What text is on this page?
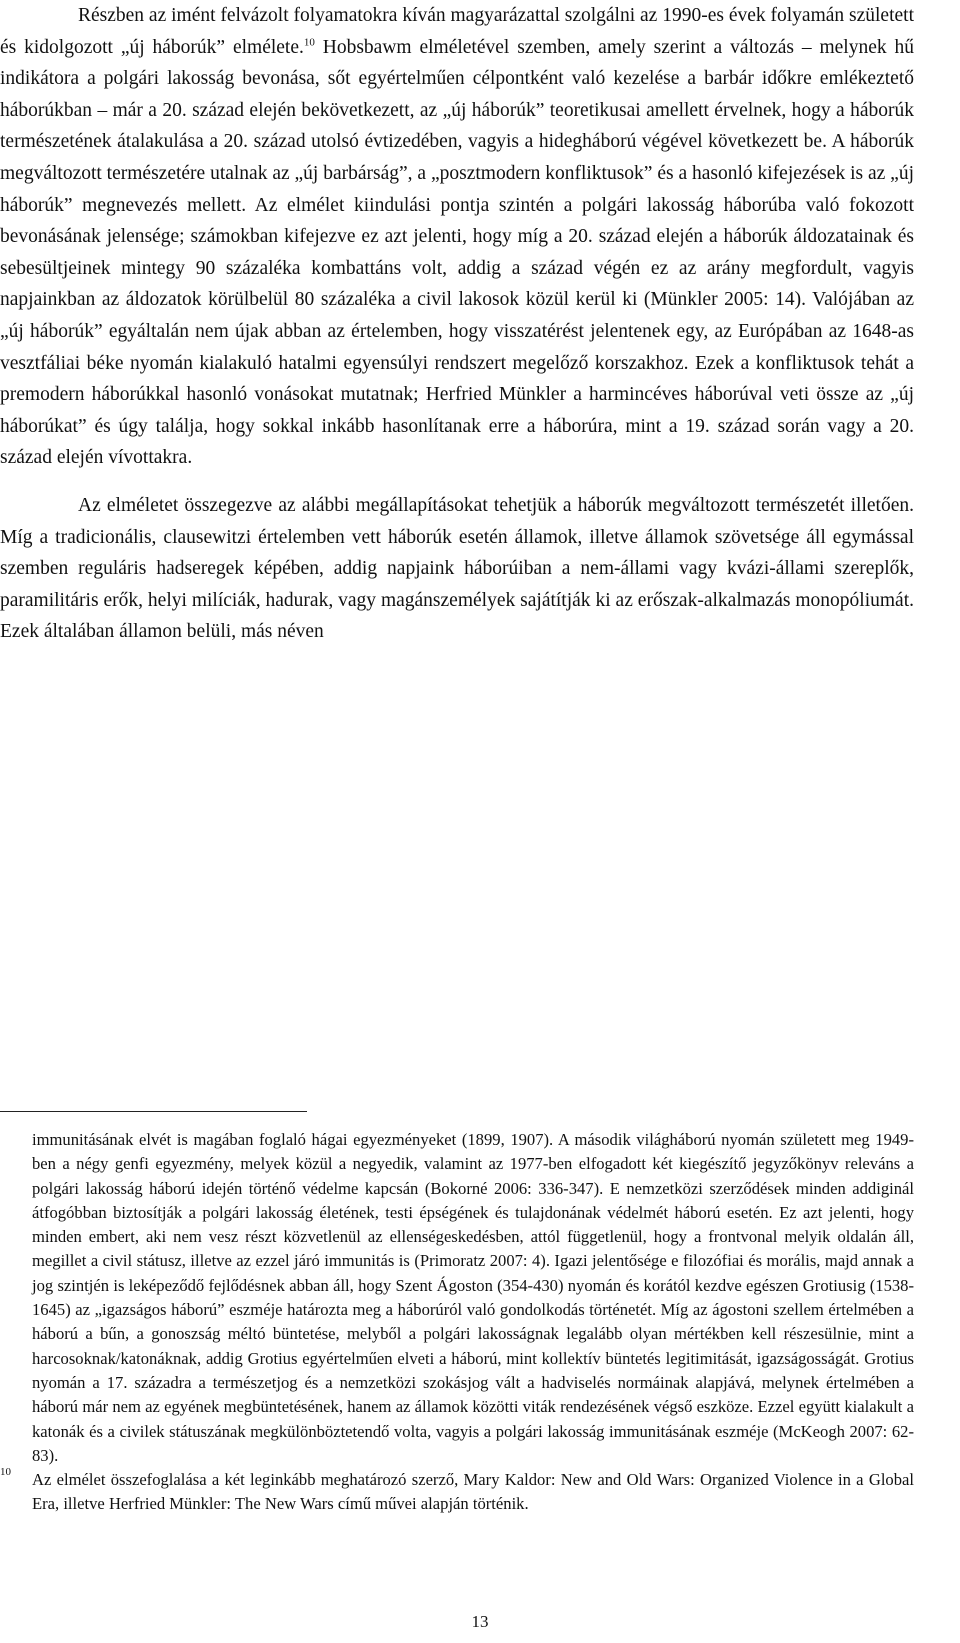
Részben az imént felvázolt folyamatokra kíván magyarázattal szolgálni az 1990-es évek folyamán született és kidolgozott „új háborúk” elmélete.$^{10}$ Hobsbawm elméletével szemben, amely szerint a változás – melynek hű indikátora a polgári lakosság bevonása, sőt egyértelműen célpontként való kezelése a barbár időkre emlékeztető háborúkban – már a 20. század elején bekövetkezett, az „új háborúk” teoretikusai amellett érvelnek, hogy a háborúk természetének átalakulása a 20. század utolsó évtizedében, vagyis a hidegháború végével következett be. A háborúk megváltozott természetére utalnak az „új barbárság”, a „posztmodern konfliktusok” és a hasonló kifejezések is az „új háborúk” megnevezés mellett. Az elmélet kiindulási pontja szintén a polgári lakosság háborúba való fokozott bevonásának jelensége; számokban kifejezve ez azt jelenti, hogy míg a 20. század elején a háborúk áldozatainak és sebesültjeinek mintegy 90 százaléka kombattáns volt, addig a század végén ez az arány megfordult, vagyis napjainkban az áldozatok körülbelül 80 százaléka a civil lakosok közül kerül ki (Münkler 2005: 14). Valójában az „új háborúk” egyáltalán nem újak abban az értelemben, hogy visszatérést jelentenek egy, az Európában az 1648-as vesztfáliai béke nyomán kialakuló hatalmi egyensúlyi rendszert megelőző korszakhoz. Ezek a konfliktusok tehát a premodern háborúkkal hasonló vonásokat mutatnak; Herfried Münkler a harmincéves háborúval veti össze az „új háborúkat” és úgy találja, hogy sokkal inkább hasonlítanak erre a háborúra, mint a 19. század során vagy a 20. század elején vívottakra.

Az elméletet összegezve az alábbi megállapításokat tehetjük a háborúk megváltozott természetét illetően. Míg a tradicionális, clausewitzi értelemben vett háborúk esetén államok, illetve államok szövetsége áll egymással szemben reguláris hadseregek képében, addig napjaink háborúiban a nem-állami vagy kvázi-állami szereplők, paramilitáris erők, helyi milíciák, hadurak, vagy magánszemélyek sajátítják ki az erőszak-alkalmazás monopóliumát. Ezek általában államon belüli, más néven

immunitásának elvét is magában foglaló hágai egyezményeket (1899, 1907). A második világháború nyomán született meg 1949-ben a négy genfi egyezmény, melyek közül a negyedik, valamint az 1977-ben elfogadott két kiegészítő jegyzőkönyv releváns a polgári lakosság háború idején történő védelme kapcsán (Bokorné 2006: 336-347). E nemzetközi szerződések minden addiginál átfogóbban biztosítják a polgári lakosság életének, testi épségének és tulajdonának védelmét háború esetén. Ez azt jelenti, hogy minden embert, aki nem vesz részt közvetlenül az ellenségeskedésben, attól függetlenül, hogy a frontvonal melyik oldalán áll, megillet a civil státusz, illetve az ezzel járó immunitás is (Primoratz 2007: 4). Igazi jelentősége e filozófiai és morális, majd annak a jog szintjén is leképeződő fejlődésnek abban áll, hogy Szent Ágoston (354-430) nyomán és korától kezdve egészen Grotiusig (1538-1645) az „igazságos háború” eszméje határozta meg a háborúról való gondolkodás történetét. Míg az ágostoni szellem értelmében a háború a bűn, a gonoszság méltó büntetése, melyből a polgári lakosságnak legalább olyan mértékben kell részesülnie, mint a harcosoknak/katonáknak, addig Grotius egyértelműen elveti a háború, mint kollektív büntetés legitimitását, igazságosságát. Grotius nyomán a 17. századra a természetjog és a nemzetközi szokásjog vált a hadviselés normáinak alapjává, melynek értelmében a háború már nem az egyének megbüntetésének, hanem az államok közötti viták rendezésének végső eszköze. Ezzel együtt kialakult a katonák és a civilek státuszának megkülönböztetendő volta, vagyis a polgári lakosság immunitásának eszméje (McKeogh 2007: 62-83).

10 Az elmélet összefoglalása a két leginkább meghatározó szerző, Mary Kaldor: New and Old Wars: Organized Violence in a Global Era, illetve Herfried Münkler: The New Wars című művei alapján történik.

13
